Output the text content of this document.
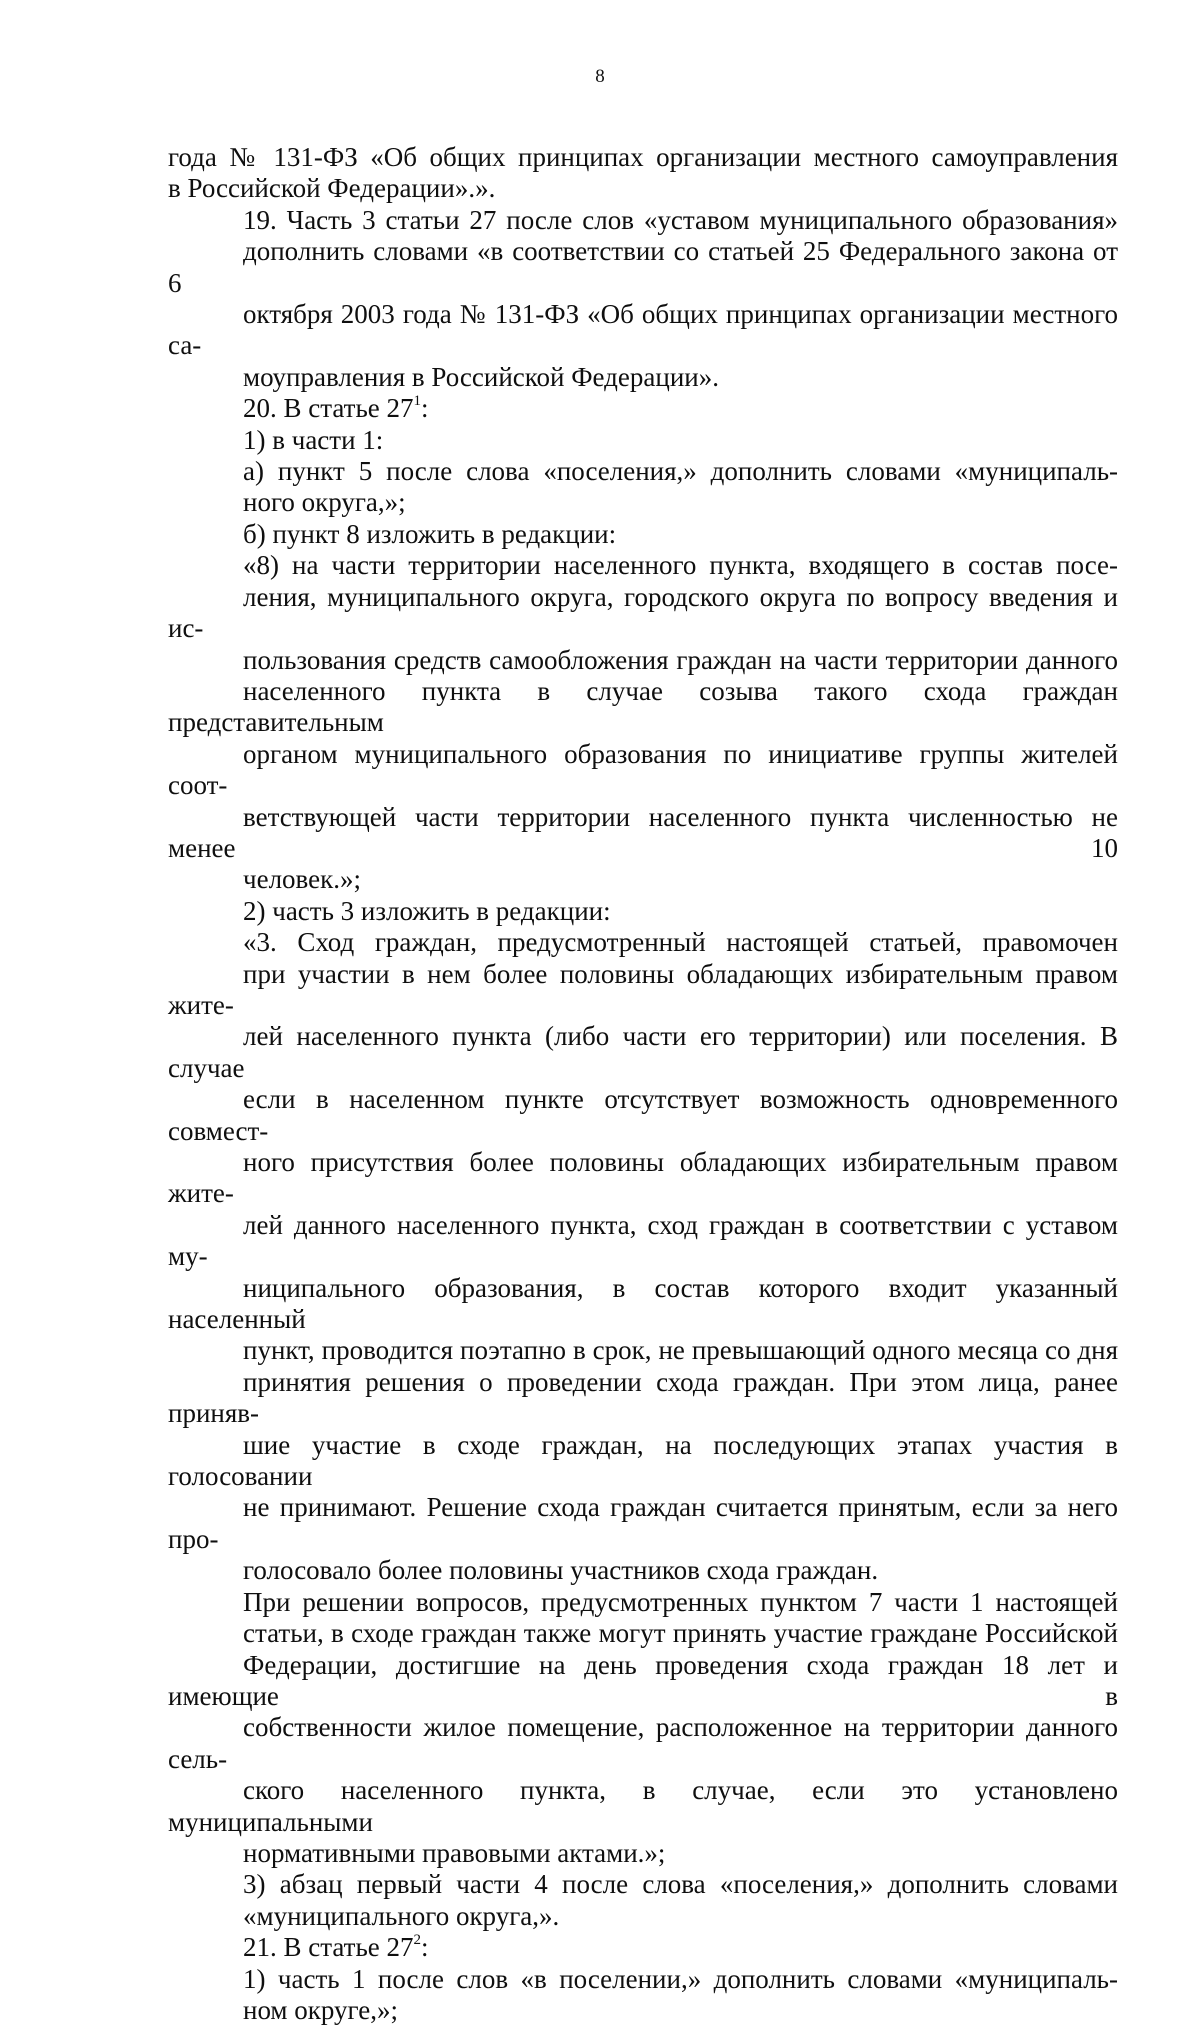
8

года № 131-ФЗ «Об общих принципах организации местного самоуправления
в Российской Федерации».».

19. Часть 3 статьи 27 после слов «уставом муниципального образования»
дополнить словами «в соответствии со статьей 25 Федерального закона от 6
октября 2003 года № 131-ФЗ «Об общих принципах организации местного са-
моуправления в Российской Федерации».

20. В статье $27^1$:

1) в части 1:

а) пункт 5 после слова «поселения,» дополнить словами «муниципаль-
ного округа,»;

б) пункт 8 изложить в редакции:

«8) на части территории населенного пункта, входящего в состав посе-
ления, муниципального округа, городского округа по вопросу введения и ис-
пользования средств самообложения граждан на части территории данного
населенного пункта в случае созыва такого схода граждан представительным
органом муниципального образования по инициативе группы жителей соот-
ветствующей части территории населенного пункта численностью не менее 10
человек.»;

2) часть 3 изложить в редакции:

«3. Сход граждан, предусмотренный настоящей статьей, правомочен
при участии в нем более половины обладающих избирательным правом жите-
лей населенного пункта (либо части его территории) или поселения. В случае
если в населенном пункте отсутствует возможность одновременного совмест-
ного присутствия более половины обладающих избирательным правом жите-
лей данного населенного пункта, сход граждан в соответствии с уставом му-
ниципального образования, в состав которого входит указанный населенный
пункт, проводится поэтапно в срок, не превышающий одного месяца со дня
принятия решения о проведении схода граждан. При этом лица, ранее приняв-
шие участие в сходе граждан, на последующих этапах участия в голосовании
не принимают. Решение схода граждан считается принятым, если за него про-
голосовало более половины участников схода граждан.

При решении вопросов, предусмотренных пунктом 7 части 1 настоящей
статьи, в сходе граждан также могут принять участие граждане Российской
Федерации, достигшие на день проведения схода граждан 18 лет и имеющие в
собственности жилое помещение, расположенное на территории данного сель-
ского населенного пункта, в случае, если это установлено муниципальными
нормативными правовыми актами.»;

3) абзац первый части 4 после слова «поселения,» дополнить словами
«муниципального округа,».

21. В статье $27^2$:

1) часть 1 после слов «в поселении,» дополнить словами «муниципаль-
ном округе,»;
